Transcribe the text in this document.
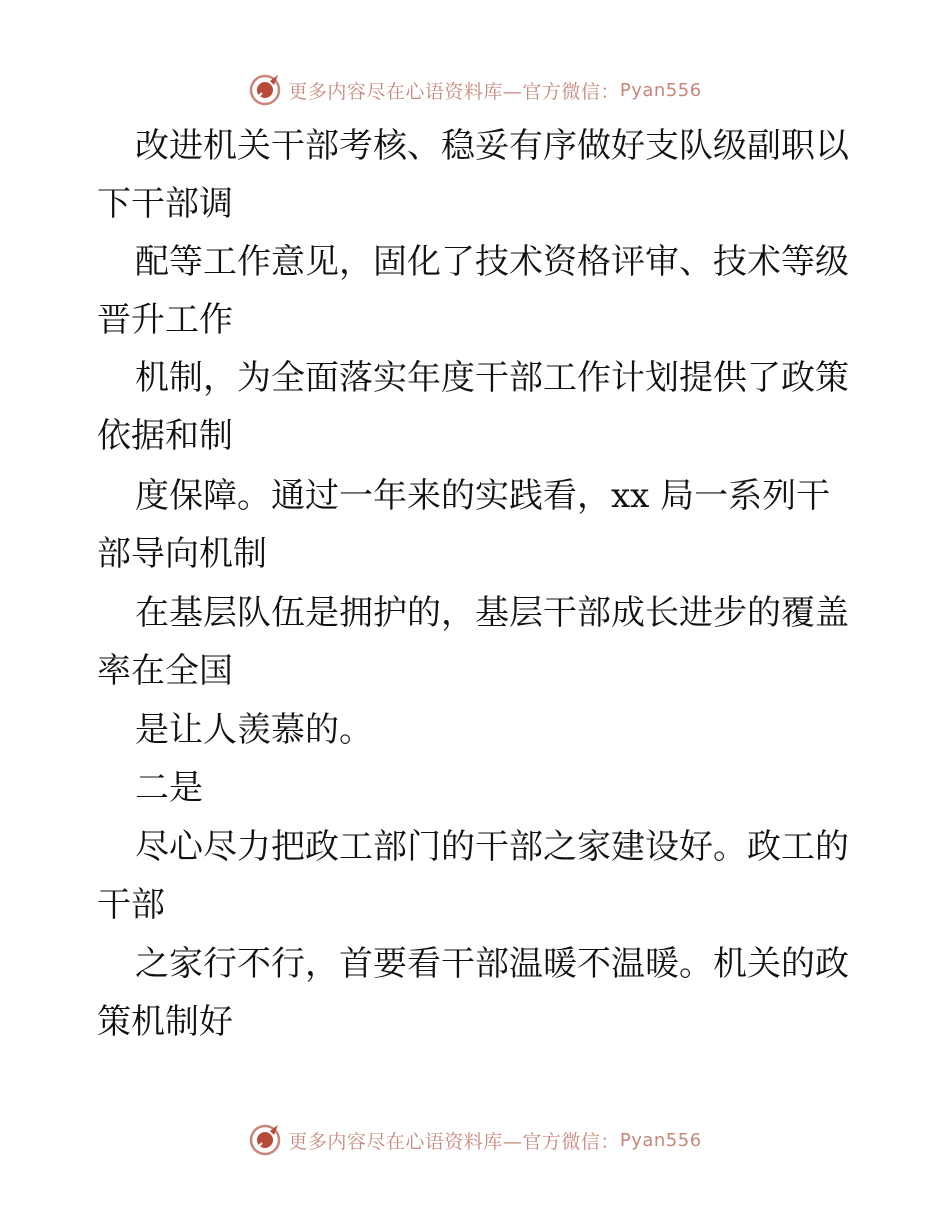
更多内容尽在心语资料库—官方微信： Pyan556
改进机关干部考核、稳妥有序做好支队级副职以
下干部调
配等工作意见，固化了技术资格评审、技术等级
晋升工作
机制，为全面落实年度干部工作计划提供了政策
依据和制
度保障。通过一年来的实践看，xx 局一系列干
部导向机制
在基层队伍是拥护的，基层干部成长进步的覆盖
率在全国
是让人羡慕的。
二是
尽心尽力把政工部门的干部之家建设好。政工的
干部
之家行不行，首要看干部温暖不温暖。机关的政
策机制好
更多内容尽在心语资料库—官方微信： Pyan556
